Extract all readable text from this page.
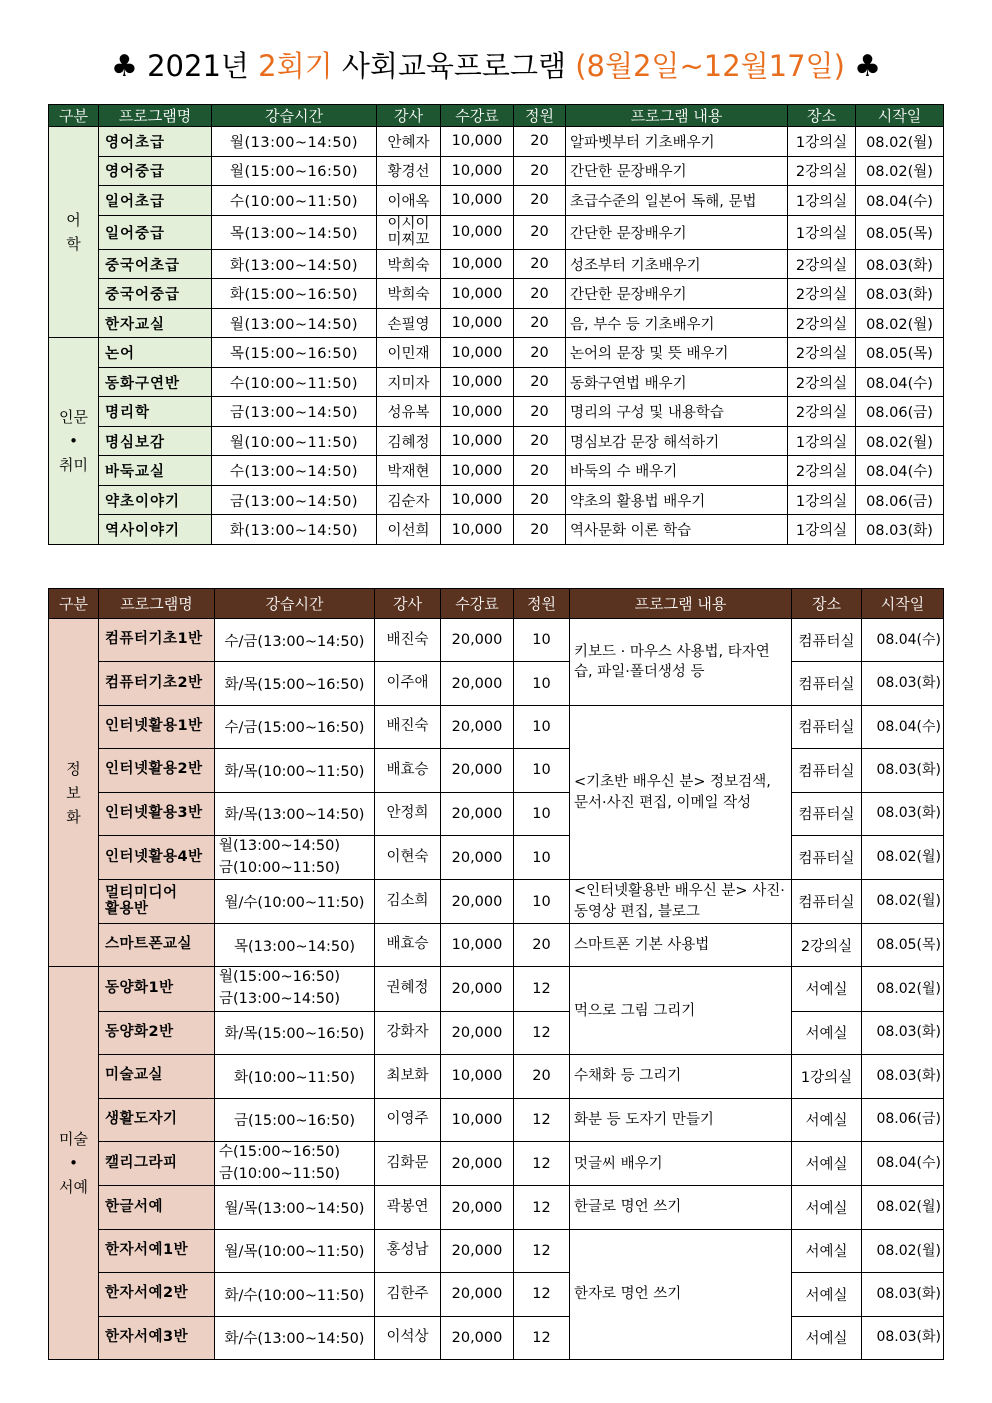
♣ 2021년 2회기 사회교육프로그램 (8월2일~12월17일) ♣
구분	프로그램명	강습시간	강사	수강료	정원	프로그램 내용	장소	시작일
어
학	영어초급	월(13:00~14:50)	안혜자	10,000	20	알파벳부터 기초배우기	1강의실	08.02(월)
	영어중급	월(15:00~16:50)	황경선	10,000	20	간단한 문장배우기	2강의실	08.02(월)
	일어초급	수(10:00~11:50)	이애옥	10,000	20	초급수준의 일본어 독해, 문법	1강의실	08.04(수)
	일어중급	목(13:00~14:50)	이시이
미찌꼬	10,000	20	간단한 문장배우기	1강의실	08.05(목)
	중국어초급	화(13:00~14:50)	박희숙	10,000	20	성조부터 기초배우기	2강의실	08.03(화)
	중국어중급	화(15:00~16:50)	박희숙	10,000	20	간단한 문장배우기	2강의실	08.03(화)
	한자교실	월(13:00~14:50)	손필영	10,000	20	음, 부수 등 기초배우기	2강의실	08.02(월)
인문
•
취미	논어	목(15:00~16:50)	이민재	10,000	20	논어의 문장 및 뜻 배우기	2강의실	08.05(목)
	동화구연반	수(10:00~11:50)	지미자	10,000	20	동화구연법 배우기	2강의실	08.04(수)
	명리학	금(13:00~14:50)	성유복	10,000	20	명리의 구성 및 내용학습	2강의실	08.06(금)
	명심보감	월(10:00~11:50)	김혜정	10,000	20	명심보감 문장 해석하기	1강의실	08.02(월)
	바둑교실	수(13:00~14:50)	박재현	10,000	20	바둑의 수 배우기	2강의실	08.04(수)
	약초이야기	금(13:00~14:50)	김순자	10,000	20	약초의 활용법 배우기	1강의실	08.06(금)
	역사이야기	화(13:00~14:50)	이선희	10,000	20	역사문화 이론 학습	1강의실	08.03(화)
구분	프로그램명	강습시간	강사	수강료	정원	프로그램 내용	장소	시작일
정
보
화	컴퓨터기초1반	수/금(13:00~14:50)	배진숙	20,000	10	키보드 · 마우스 사용법, 타자연습, 파일·폴더생성 등	컴퓨터실	08.04(수)
	컴퓨터기초2반	화/목(15:00~16:50)	이주애	20,000	10		컴퓨터실	08.03(화)
	인터넷활용1반	수/금(15:00~16:50)	배진숙	20,000	10	<기초반 배우신 분> 정보검색, 문서·사진 편집, 이메일 작성	컴퓨터실	08.04(수)
	인터넷활용2반	화/목(10:00~11:50)	배효승	20,000	10		컴퓨터실	08.03(화)
	인터넷활용3반	화/목(13:00~14:50)	안정희	20,000	10		컴퓨터실	08.03(화)
	인터넷활용4반	월(13:00~14:50)
금(10:00~11:50)	이현숙	20,000	10		컴퓨터실	08.02(월)
	멀티미디어
활용반	월/수(10:00~11:50)	김소희	20,000	10	<인터넷활용반 배우신 분> 사진·동영상 편집, 블로그	컴퓨터실	08.02(월)
	스마트폰교실	목(13:00~14:50)	배효승	10,000	20	스마트폰 기본 사용법	2강의실	08.05(목)
미술
•
서예	동양화1반	월(15:00~16:50)
금(13:00~14:50)	권혜정	20,000	12	먹으로 그림 그리기	서예실	08.02(월)
	동양화2반	화/목(15:00~16:50)	강화자	20,000	12		서예실	08.03(화)
	미술교실	화(10:00~11:50)	최보화	10,000	20	수채화 등 그리기	1강의실	08.03(화)
	생활도자기	금(15:00~16:50)	이영주	10,000	12	화분 등 도자기 만들기	서예실	08.06(금)
	캘리그라피	수(15:00~16:50)
금(10:00~11:50)	김화문	20,000	12	멋글씨 배우기	서예실	08.04(수)
	한글서예	월/목(13:00~14:50)	곽봉연	20,000	12	한글로 명언 쓰기	서예실	08.02(월)
	한자서예1반	월/목(10:00~11:50)	홍성남	20,000	12	한자로 명언 쓰기	서예실	08.02(월)
	한자서예2반	화/수(10:00~11:50)	김한주	20,000	12		서예실	08.03(화)
	한자서예3반	화/수(13:00~14:50)	이석상	20,000	12		서예실	08.03(화)
